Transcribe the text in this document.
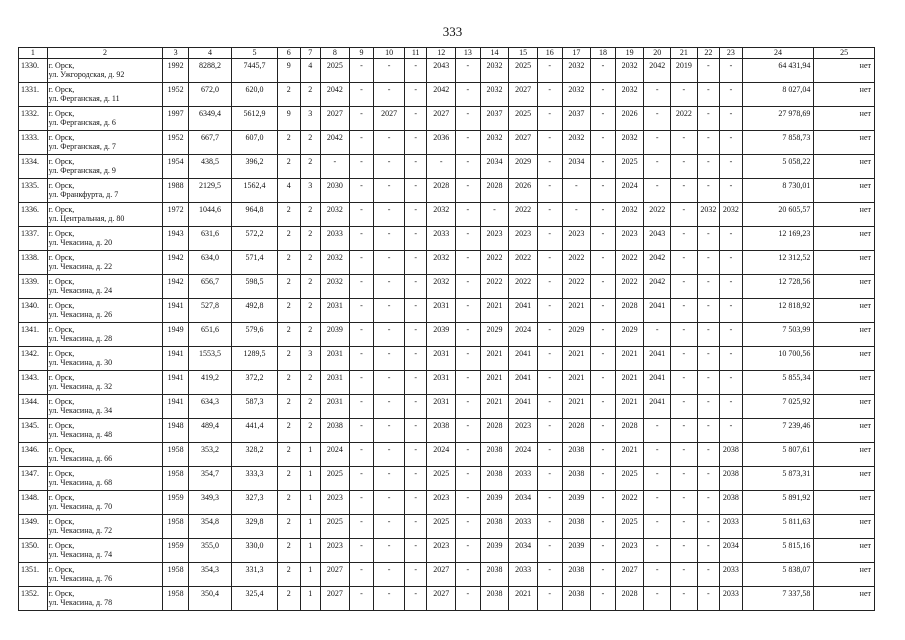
333
1	2	3	4	5	6	7	8	9	10	11	12	13	14	15	16	17	18	19	20	21	22	23	24	25
1330.	г. Орск,
ул. Ужгородская, д. 92	1992	8288,2	7445,7	9	4	2025	-	-	-	2043	-	2032	2025	-	2032	-	2032	2042	2019	-	-	64 431,94	нет
1331.	г. Орск,
ул. Ферганская, д. 11	1952	672,0	620,0	2	2	2042	-	-	-	2042	-	2032	2027	-	2032	-	2032	-	-	-	-	8 027,04	нет
1332.	г. Орск,
ул. Ферганская, д. 6	1997	6349,4	5612,9	9	3	2027	-	2027	-	2027	-	2037	2025	-	2037	-	2026	-	2022	-	-	27 978,69	нет
1333.	г. Орск,
ул. Ферганская, д. 7	1952	667,7	607,0	2	2	2042	-	-	-	2036	-	2032	2027	-	2032	-	2032	-	-	-	-	7 858,73	нет
1334.	г. Орск,
ул. Ферганская, д. 9	1954	438,5	396,2	2	2	-	-	-	-	-	-	2034	2029	-	2034	-	2025	-	-	-	-	5 058,22	нет
1335.	г. Орск,
ул. Франкфурта, д. 7	1988	2129,5	1562,4	4	3	2030	-	-	-	2028	-	2028	2026	-	-	-	2024	-	-	-	-	8 730,01	нет
1336.	г. Орск,
ул. Центральная, д. 80	1972	1044,6	964,8	2	2	2032	-	-	-	2032	-	-	2022	-	-	-	2032	2022	-	2032	2032	20 605,57	нет
1337.	г. Орск,
ул. Чекасина, д. 20	1943	631,6	572,2	2	2	2033	-	-	-	2033	-	2023	2023	-	2023	-	2023	2043	-	-	-	12 169,23	нет
1338.	г. Орск,
ул. Чекасина, д. 22	1942	634,0	571,4	2	2	2032	-	-	-	2032	-	2022	2022	-	2022	-	2022	2042	-	-	-	12 312,52	нет
1339.	г. Орск,
ул. Чекасина, д. 24	1942	656,7	598,5	2	2	2032	-	-	-	2032	-	2022	2022	-	2022	-	2022	2042	-	-	-	12 728,56	нет
1340.	г. Орск,
ул. Чекасина, д. 26	1941	527,8	492,8	2	2	2031	-	-	-	2031	-	2021	2041	-	2021	-	2028	2041	-	-	-	12 818,92	нет
1341.	г. Орск,
ул. Чекасина, д. 28	1949	651,6	579,6	2	2	2039	-	-	-	2039	-	2029	2024	-	2029	-	2029	-	-	-	-	7 503,99	нет
1342.	г. Орск,
ул. Чекасина, д. 30	1941	1553,5	1289,5	2	3	2031	-	-	-	2031	-	2021	2041	-	2021	-	2021	2041	-	-	-	10 700,56	нет
1343.	г. Орск,
ул. Чекасина, д. 32	1941	419,2	372,2	2	2	2031	-	-	-	2031	-	2021	2041	-	2021	-	2021	2041	-	-	-	5 855,34	нет
1344.	г. Орск,
ул. Чекасина, д. 34	1941	634,3	587,3	2	2	2031	-	-	-	2031	-	2021	2041	-	2021	-	2021	2041	-	-	-	7 025,92	нет
1345.	г. Орск,
ул. Чекасина, д. 48	1948	489,4	441,4	2	2	2038	-	-	-	2038	-	2028	2023	-	2028	-	2028	-	-	-	-	7 239,46	нет
1346.	г. Орск,
ул. Чекасина, д. 66	1958	353,2	328,2	2	1	2024	-	-	-	2024	-	2038	2024	-	2038	-	2021	-	-	-	2038	5 807,61	нет
1347.	г. Орск,
ул. Чекасина, д. 68	1958	354,7	333,3	2	1	2025	-	-	-	2025	-	2038	2033	-	2038	-	2025	-	-	-	2038	5 873,31	нет
1348.	г. Орск,
ул. Чекасина, д. 70	1959	349,3	327,3	2	1	2023	-	-	-	2023	-	2039	2034	-	2039	-	2022	-	-	-	2038	5 891,92	нет
1349.	г. Орск,
ул. Чекасина, д. 72	1958	354,8	329,8	2	1	2025	-	-	-	2025	-	2038	2033	-	2038	-	2025	-	-	-	2033	5 811,63	нет
1350.	г. Орск,
ул. Чекасина, д. 74	1959	355,0	330,0	2	1	2023	-	-	-	2023	-	2039	2034	-	2039	-	2023	-	-	-	2034	5 815,16	нет
1351.	г. Орск,
ул. Чекасина, д. 76	1958	354,3	331,3	2	1	2027	-	-	-	2027	-	2038	2033	-	2038	-	2027	-	-	-	2033	5 838,07	нет
1352.	г. Орск,
ул. Чекасина, д. 78	1958	350,4	325,4	2	1	2027	-	-	-	2027	-	2038	2021	-	2038	-	2028	-	-	-	2033	7 337,58	нет
